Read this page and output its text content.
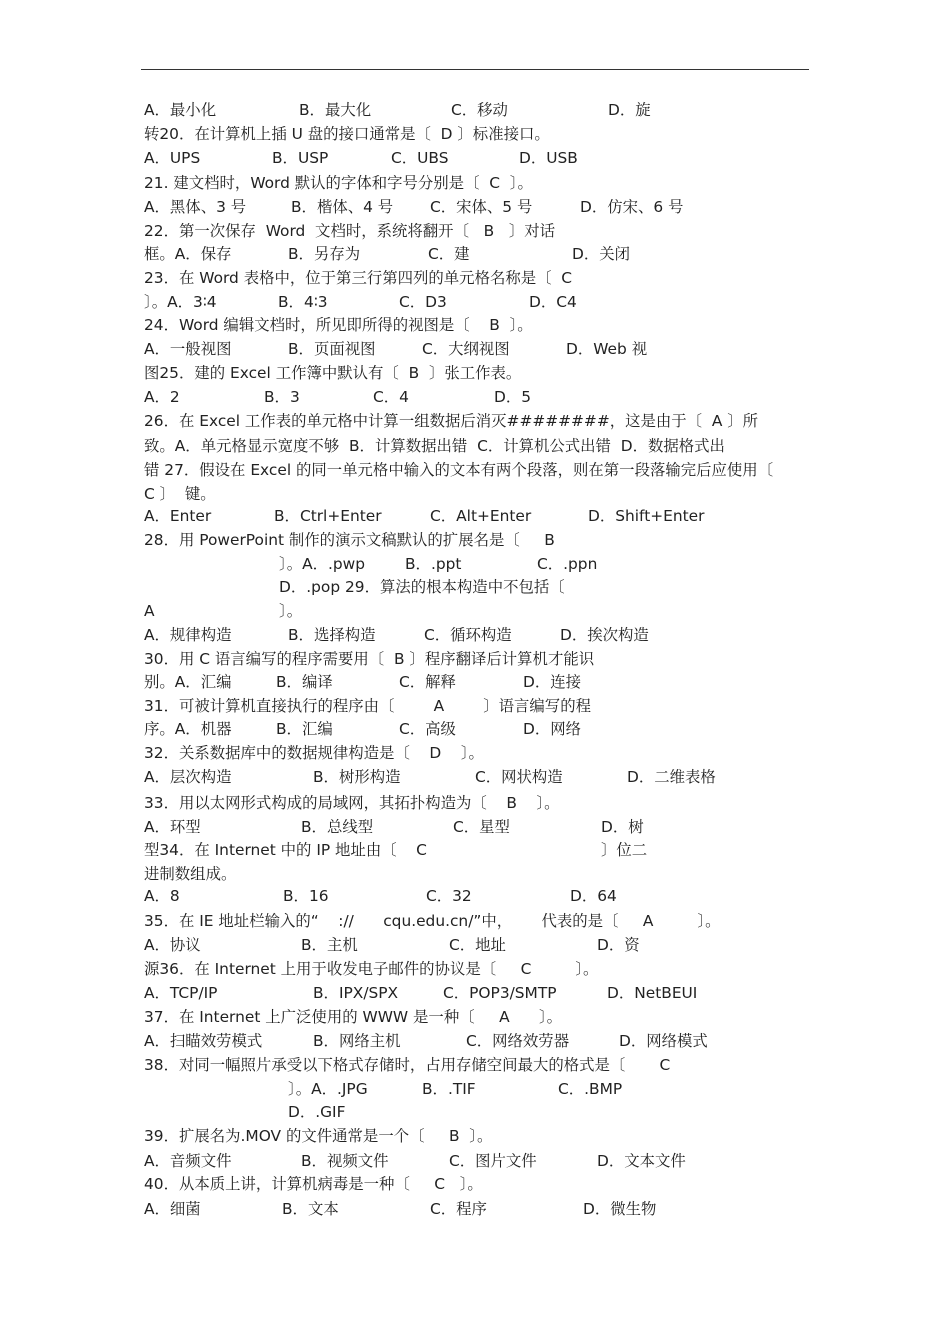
A．最小化	B．最大化	C．移动	D．旋
转20．在计算机上插 U 盘的接口通常是〔  D 〕标准接口。
A．UPS	B．USP	C．UBS	D．USB
21. 建文档时，Word 默认的字体和字号分别是〔  C  〕。
A．黑体、3 号	B．楷体、4 号 C．宋体、5 号	D．仿宋、6 号
22．第一次保存  Word  文档时，系统将翻开〔   B   〕对话
框。A．保存	B．另存为	C．建	D．关闭
23．在 Word 表格中，位于第三行第四列的单元格名称是〔  C
〕。A．3∶4	B．4∶3	C．D3	D．C4
24．Word 编辑文档时，所见即所得的视图是〔    B  〕。
A．一般视图	B．页面视图	C．大纲视图	D．Web 视
图25．建的 Excel 工作簿中默认有〔  B  〕张工作表。
A．2	B．3	C．4	D．5
26．在 Excel 工作表的单元格中计算一组数据后消灭########，这是由于〔  A 〕所
致。A．单元格显示宽度不够  B．计算数据出错  C．计算机公式出错  D．数据格式出
错 27．假设在 Excel 的同一单元格中输入的文本有两个段落，则在第一段落输完后应使用〔
C 〕  键。
A．Enter	B．Ctrl+Enter	C．Alt+Enter	D．Shift+Enter
28．用 PowerPoint 制作的演示文稿默认的扩展名是〔     B
〕。A．.pwp	B．.ppt	C．.ppn
D．.pop 29．算法的根本构造中不包括〔
A	〕。
A．规律构造	B．选择构造	C．循环构造	D．挨次构造
30．用 C 语言编写的程序需要用〔  B 〕程序翻译后计算机才能识
别。A．汇编	B．编译	C．解释	D．连接
31．可被计算机直接执行的程序由〔        A        〕语言编写的程
序。A．机器	B．汇编	C．高级	D．网络
32．关系数据库中的数据规律构造是〔    D    〕。
A．层次构造	B．树形构造	C．网状构造	D．二维表格
33．用以太网形式构成的局域网，其拓扑构造为〔    B    〕。
A．环型	B．总线型	C．星型	D．树
型34．在 Internet 中的 IP 地址由〔    C	〕位二
进制数组成。
A．8	B．16	C．32	D．64
35．在 IE 地址栏输入的“    ://      cqu.edu.cn/”中，      代表的是〔     A         〕。
A．协议	B．主机	C．地址	D．资
源36．在 Internet 上用于收发电子邮件的协议是〔     C         〕。
A．TCP/IP	B．IPX/SPX	C．POP3/SMTP	D．NetBEUI
37．在 Internet 上广泛使用的 WWW 是一种〔     A      〕。
A．扫瞄效劳模式	B．网络主机	C．网络效劳器	D．网络模式
38．对同一幅照片承受以下格式存储时，占用存储空间最大的格式是〔       C
〕。A．.JPG	B．.TIF	C．.BMP
D．.GIF
39．扩展名为.MOV 的文件通常是一个〔     B  〕。
A．音频文件	B．视频文件	C．图片文件	D．文本文件
40．从本质上讲，计算机病毒是一种〔     C   〕。
A．细菌	B．文本	C．程序	D．微生物
